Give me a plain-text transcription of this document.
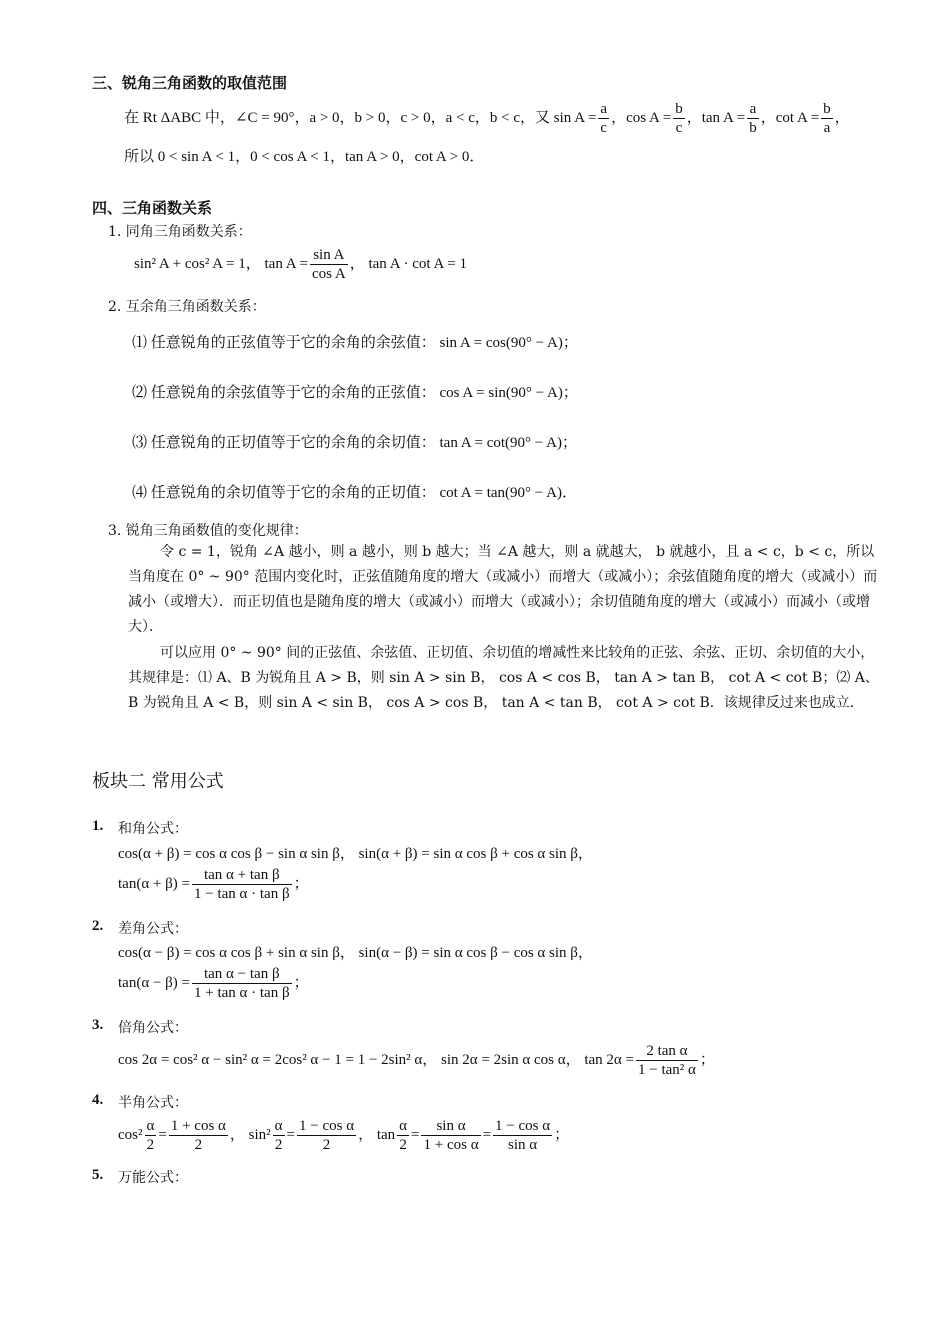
三、锐角三角函数的取值范围
在 Rt ΔABC 中，∠C = 90°，a > 0，b > 0，c > 0，a < c，b < c，又 $\sin A = \frac{a}{c}$ ，$\cos A = \frac{b}{c}$ ，$\tan A = \frac{a}{b}$ ，$\cot A = \frac{b}{a}$ ，
所以 0 < sin A < 1，0 < cos A < 1，tan A > 0，cot A > 0．
四、三角函数关系
1. 同角三角函数关系：
sin² A + cos² A = 1， $\tan A = \frac{\text{sin A}}{\text{cos A}}$ ， tan A · cot A = 1
2. 互余角三角函数关系：
⑴ 任意锐角的正弦值等于它的余角的余弦值： sin A = cos(90° − A)；
⑵ 任意锐角的余弦值等于它的余角的正弦值： cos A = sin(90° − A)；
⑶ 任意锐角的正切值等于它的余角的余切值： tan A = cot(90° − A)；
⑷ 任意锐角的余切值等于它的余角的正切值： cot A = tan(90° − A)．
3. 锐角三角函数值的变化规律：
令 c = 1，锐角 ∠A 越小，则 a 越小，则 b 越大；当 ∠A 越大，则 a 就越大， b 就越小，且 a < c，b < c，所以当角度在 0° ~ 90° 范围内变化时，正弦值随角度的增大（或减小）而增大（或减小）；余弦值随角度的增大（或减小）而减小（或增大）．而正切值也是随角度的增大（或减小）而增大（或减小）；余切值随角度的增大（或减小）而减小（或增大）．
可以应用 0° ~ 90° 间的正弦值、余弦值、正切值、余切值的增减性来比较角的正弦、余弦、正切、余切值的大小，其规律是：⑴ A、B 为锐角且 A > B，则 sin A > sin B， cos A < cos B， tan A > tan B， cot A < cot B；⑵ A、B 为锐角且 A < B，则 sin A < sin B， cos A > cos B， tan A < tan B， cot A > cot B．该规律反过来也成立．
板块二 常用公式
1. 和角公式：
cos(α + β) = cos α cos β − sin α sin β， sin(α + β) = sin α cos β + cos α sin β，
$\tan(\alpha + \beta) = \frac{\text{tan α + tan β}}{\text{1 − tan α · tan β}}$ ；
2. 差角公式：
cos(α − β) = cos α cos β + sin α sin β， sin(α − β) = sin α cos β − cos α sin β，
$\tan(\alpha - \beta) = \frac{\text{tan α − tan β}}{\text{1 + tan α · tan β}}$ ；
3. 倍角公式：
cos 2α = cos² α − sin² α = 2cos² α − 1 = 1 − 2sin² α， sin 2α = 2sin α cos α， $\tan 2\alpha = \frac{\text{2 tan α}}{\text{1 − tan² α}}$ ；
4. 半角公式：
$\cos^2 \frac{\alpha}{2} = \frac{\text{1 + cos α}}{2}$ ， $\sin^2 \frac{\alpha}{2} = \frac{\text{1 − cos α}}{2}$ ， $\tan \frac{\alpha}{2} = \frac{\text{sin α}}{\text{1 + cos α}} = \frac{\text{1 − cos α}}{\text{sin α}}$ ；
5. 万能公式：
